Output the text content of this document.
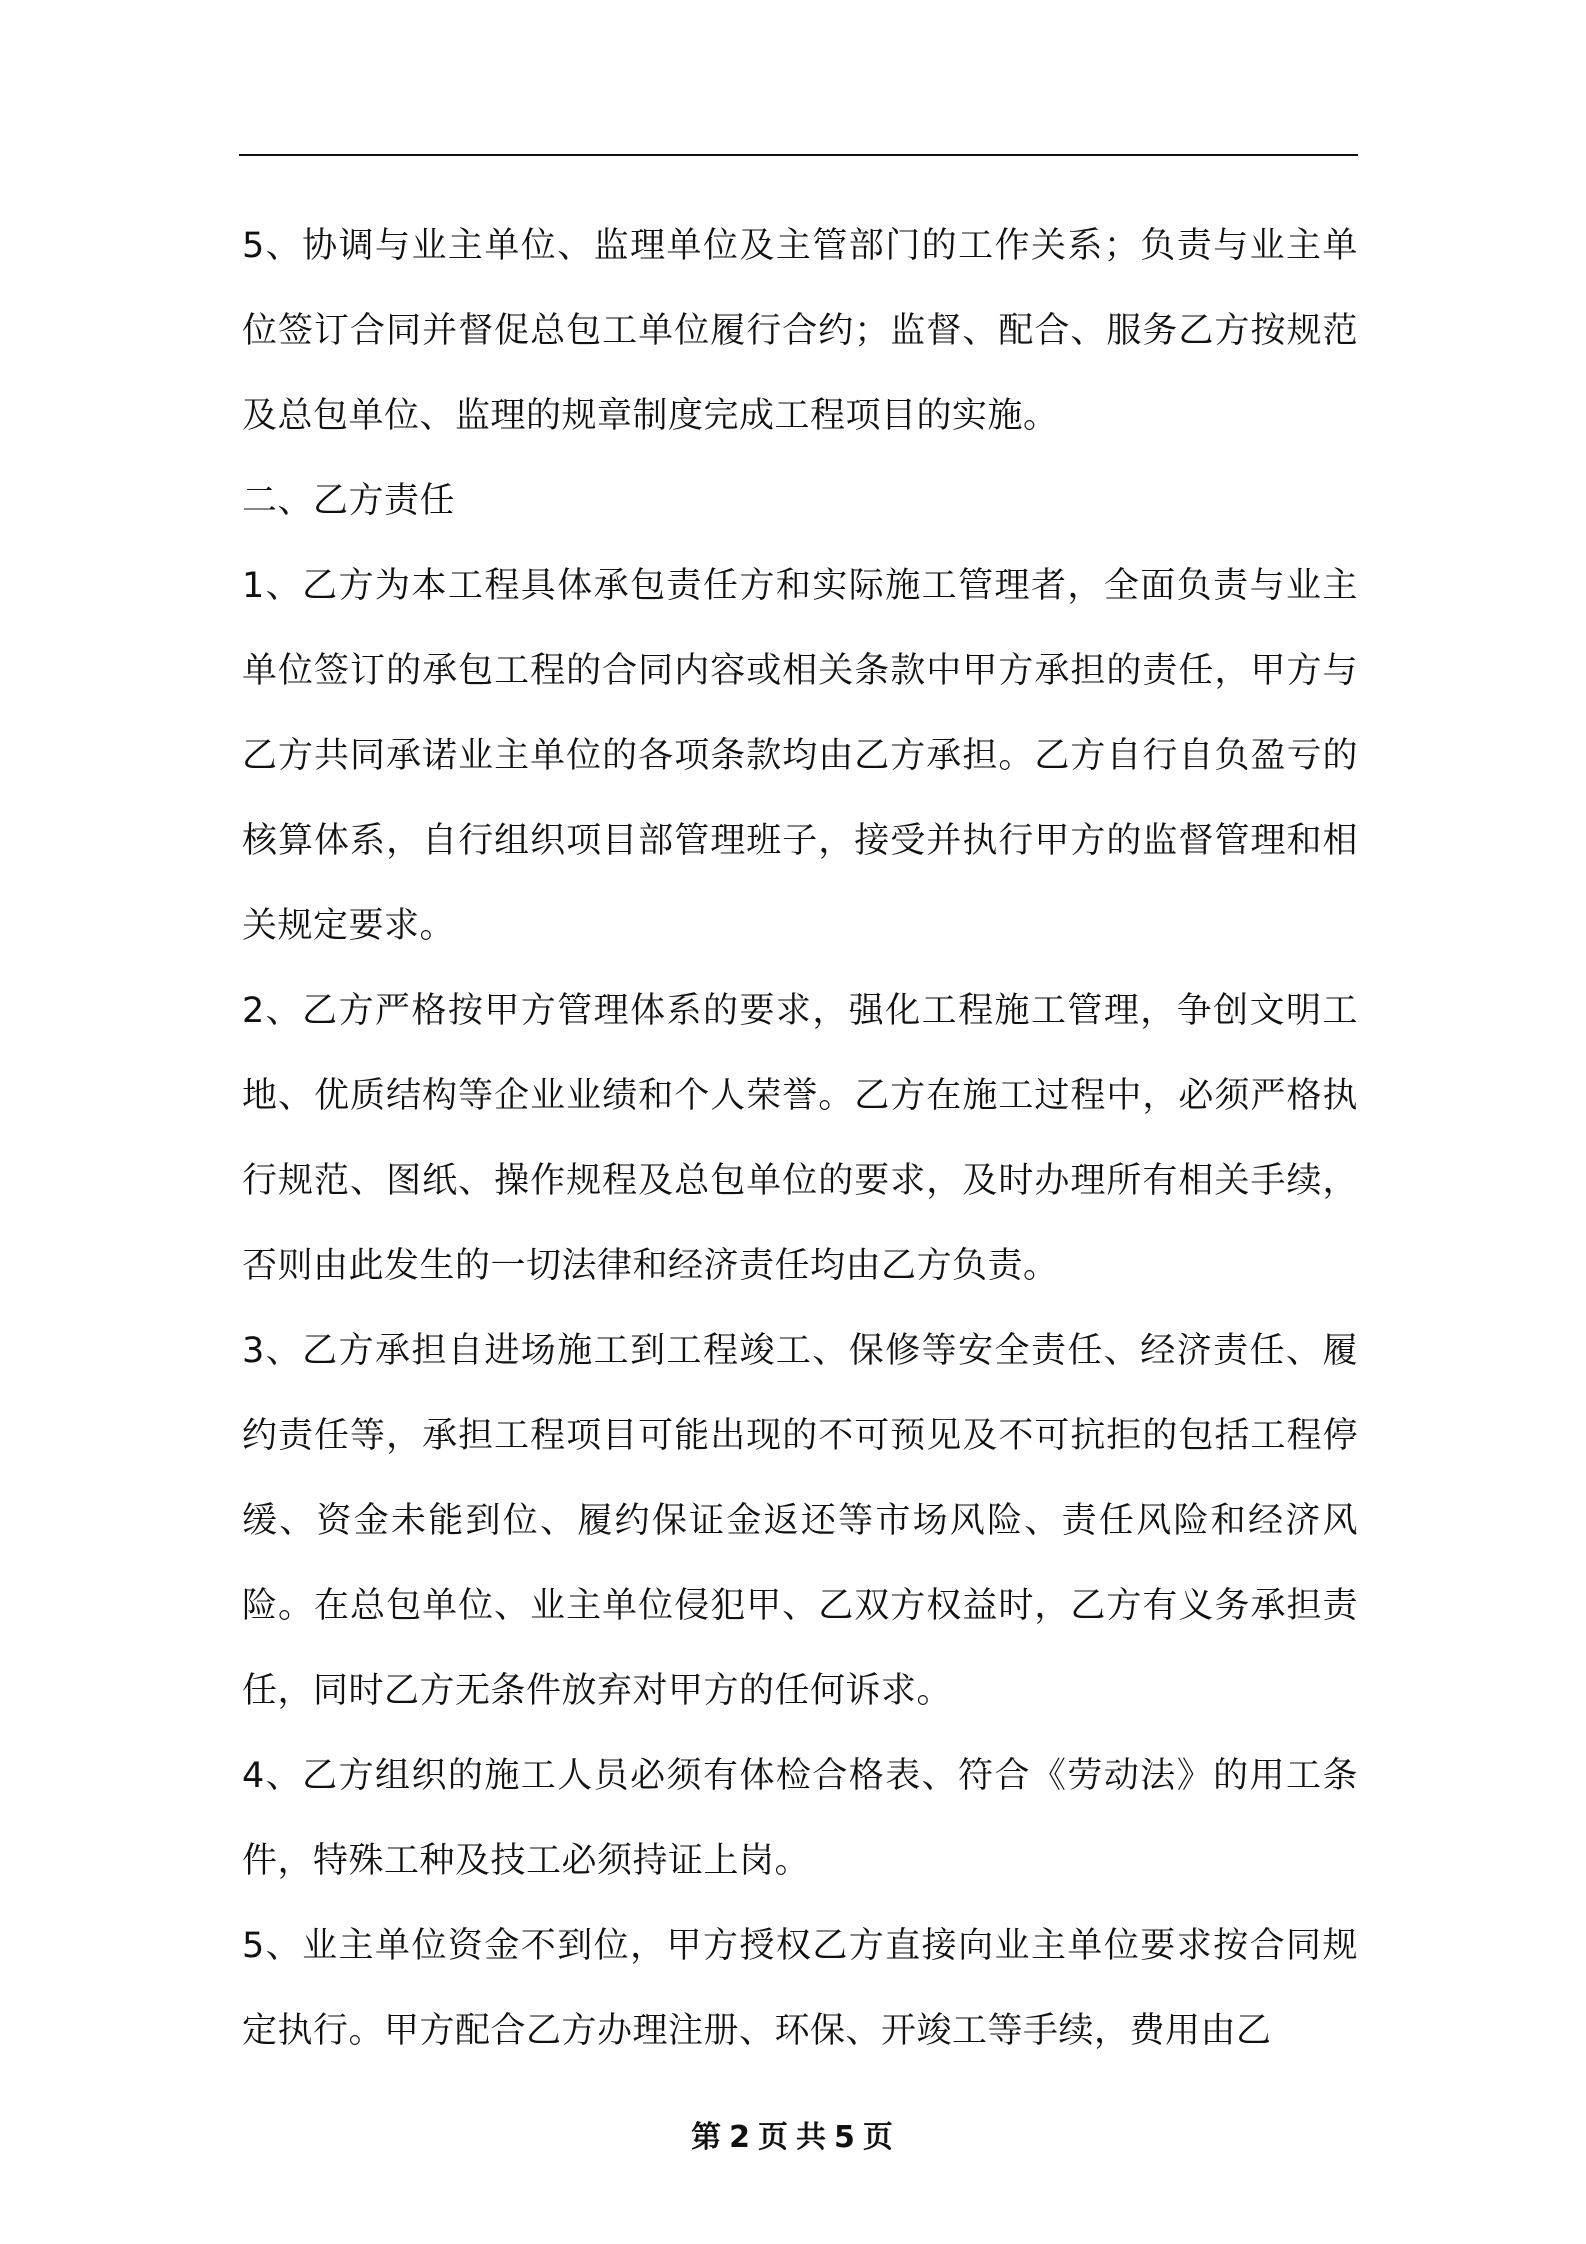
5、协调与业主单位、监理单位及主管部门的工作关系；负责与业主单位签订合同并督促总包工单位履行合约；监督、配合、服务乙方按规范及总包单位、监理的规章制度完成工程项目的实施。

二、乙方责任

1、乙方为本工程具体承包责任方和实际施工管理者，全面负责与业主单位签订的承包工程的合同内容或相关条款中甲方承担的责任，甲方与乙方共同承诺业主单位的各项条款均由乙方承担。乙方自行自负盈亏的核算体系，自行组织项目部管理班子，接受并执行甲方的监督管理和相关规定要求。

2、乙方严格按甲方管理体系的要求，强化工程施工管理，争创文明工地、优质结构等企业业绩和个人荣誉。乙方在施工过程中，必须严格执行规范、图纸、操作规程及总包单位的要求，及时办理所有相关手续，否则由此发生的一切法律和经济责任均由乙方负责。

3、乙方承担自进场施工到工程竣工、保修等安全责任、经济责任、履约责任等，承担工程项目可能出现的不可预见及不可抗拒的包括工程停缓、资金未能到位、履约保证金返还等市场风险、责任风险和经济风险。在总包单位、业主单位侵犯甲、乙双方权益时，乙方有义务承担责任，同时乙方无条件放弃对甲方的任何诉求。

4、乙方组织的施工人员必须有体检合格表、符合《劳动法》的用工条件，特殊工种及技工必须持证上岗。

5、业主单位资金不到位，甲方授权乙方直接向业主单位要求按合同规定执行。甲方配合乙方办理注册、环保、开竣工等手续，费用由乙

第 2 页 共 5 页
